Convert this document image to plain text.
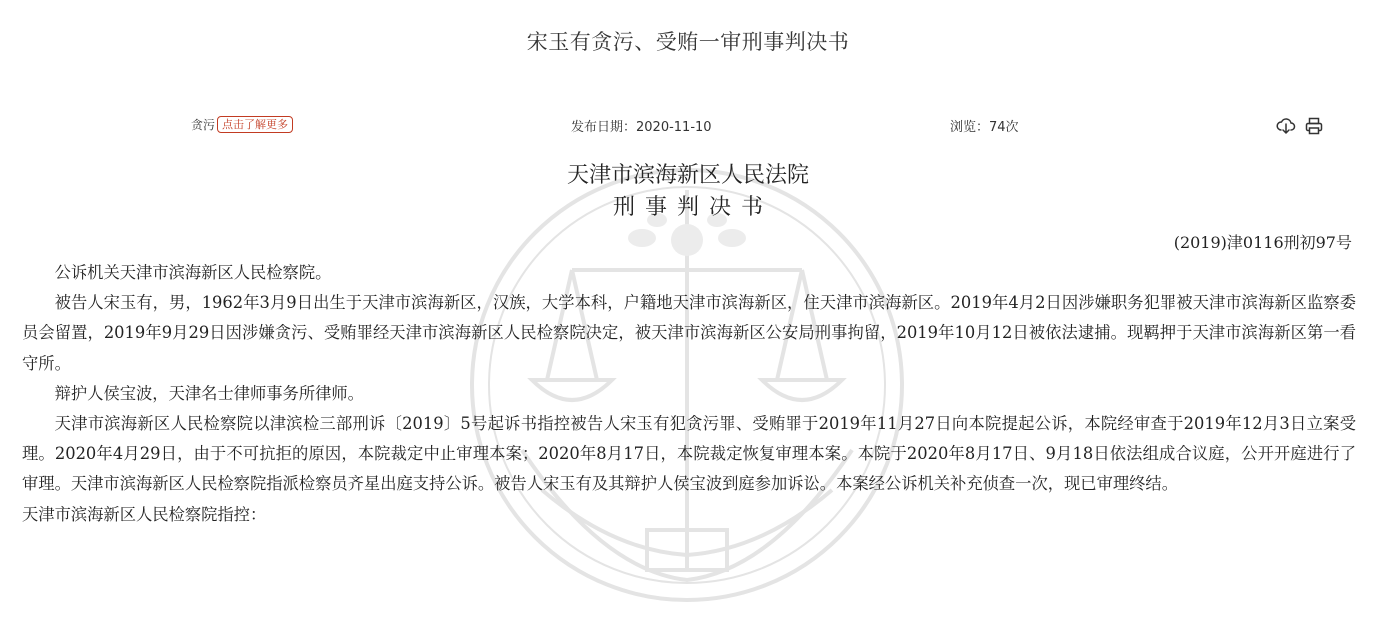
宋玉有贪污、受贿一审刑事判决书
贪污 点击了解更多	发布日期：2020-11-10	浏览：74次
天津市滨海新区人民法院
刑事判决书
(2019)津0116刑初97号

公诉机关天津市滨海新区人民检察院。

被告人宋玉有，男，1962年3月9日出生于天津市滨海新区，汉族，大学本科，户籍地天津市滨海新区，住天津市滨海新区。2019年4月2日因涉嫌职务犯罪被天津市滨海新区监察委员会留置，2019年9月29日因涉嫌贪污、受贿罪经天津市滨海新区人民检察院决定，被天津市滨海新区公安局刑事拘留，2019年10月12日被依法逮捕。现羁押于天津市滨海新区第一看守所。

辩护人侯宝波，天津名士律师事务所律师。

天津市滨海新区人民检察院以津滨检三部刑诉〔2019〕5号起诉书指控被告人宋玉有犯贪污罪、受贿罪于2019年11月27日向本院提起公诉，本院经审查于2019年12月3日立案受理。2020年4月29日，由于不可抗拒的原因，本院裁定中止审理本案；2020年8月17日，本院裁定恢复审理本案。本院于2020年8月17日、9月18日依法组成合议庭，公开开庭进行了审理。天津市滨海新区人民检察院指派检察员齐星出庭支持公诉。被告人宋玉有及其辩护人侯宝波到庭参加诉讼。本案经公诉机关补充侦查一次，现已审理终结。

天津市滨海新区人民检察院指控：
